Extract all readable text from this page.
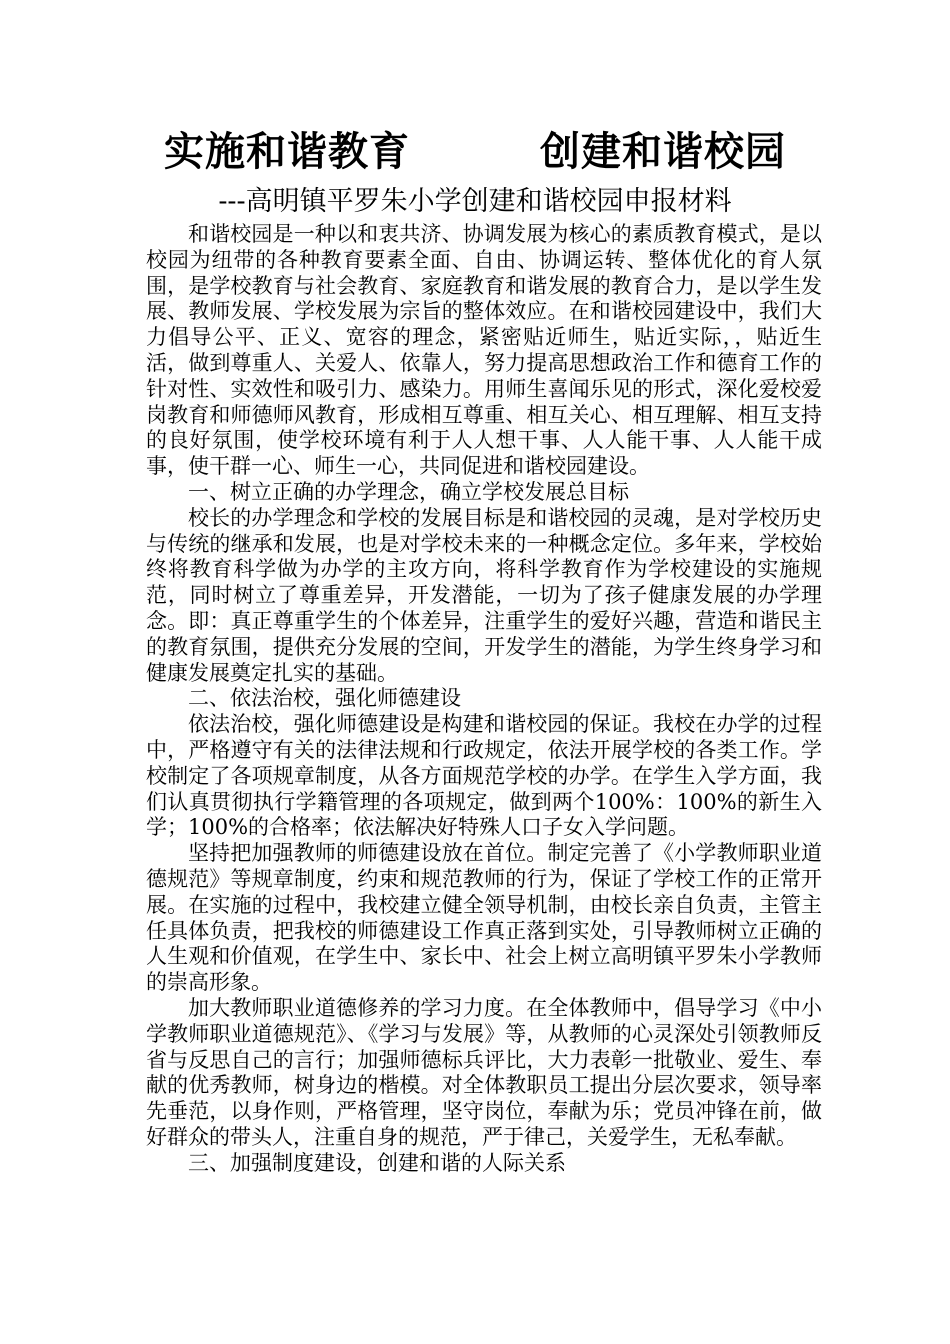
实施和谐教育	创建和谐校园
---高明镇平罗朱小学创建和谐校园申报材料

和谐校园是一种以和衷共济、协调发展为核心的素质教育模式，是以校园为纽带的各种教育要素全面、自由、协调运转、整体优化的育人氛围，是学校教育与社会教育、家庭教育和谐发展的教育合力，是以学生发展、教师发展、学校发展为宗旨的整体效应。在和谐校园建设中，我们大力倡导公平、正义、宽容的理念，紧密贴近师生，贴近实际，，贴近生活，做到尊重人、关爱人、依靠人，努力提高思想政治工作和德育工作的针对性、实效性和吸引力、感染力。用师生喜闻乐见的形式，深化爱校爱岗教育和师德师风教育，形成相互尊重、相互关心、相互理解、相互支持的良好氛围，使学校环境有利于人人想干事、人人能干事、人人能干成事，使干群一心、师生一心，共同促进和谐校园建设。

一、树立正确的办学理念，确立学校发展总目标

校长的办学理念和学校的发展目标是和谐校园的灵魂，是对学校历史与传统的继承和发展，也是对学校未来的一种概念定位。多年来，学校始终将教育科学做为办学的主攻方向，将科学教育作为学校建设的实施规范，同时树立了尊重差异，开发潜能，一切为了孩子健康发展的办学理念。即：真正尊重学生的个体差异，注重学生的爱好兴趣，营造和谐民主的教育氛围，提供充分发展的空间，开发学生的潜能，为学生终身学习和健康发展奠定扎实的基础。

二、依法治校，强化师德建设

依法治校，强化师德建设是构建和谐校园的保证。我校在办学的过程中，严格遵守有关的法律法规和行政规定，依法开展学校的各类工作。学校制定了各项规章制度，从各方面规范学校的办学。在学生入学方面，我们认真贯彻执行学籍管理的各项规定，做到两个100%：100%的新生入学；100%的合格率；依法解决好特殊人口子女入学问题。

坚持把加强教师的师德建设放在首位。制定完善了《小学教师职业道德规范》等规章制度，约束和规范教师的行为，保证了学校工作的正常开展。在实施的过程中，我校建立健全领导机制，由校长亲自负责，主管主任具体负责，把我校的师德建设工作真正落到实处，引导教师树立正确的人生观和价值观，在学生中、家长中、社会上树立高明镇平罗朱小学教师的崇高形象。

加大教师职业道德修养的学习力度。在全体教师中，倡导学习《中小学教师职业道德规范》、《学习与发展》等，从教师的心灵深处引领教师反省与反思自己的言行；加强师德标兵评比，大力表彰一批敬业、爱生、奉献的优秀教师，树身边的楷模。对全体教职员工提出分层次要求，领导率先垂范，以身作则，严格管理，坚守岗位，奉献为乐；党员冲锋在前，做好群众的带头人，注重自身的规范，严于律己，关爱学生，无私奉献。

三、加强制度建设，创建和谐的人际关系
